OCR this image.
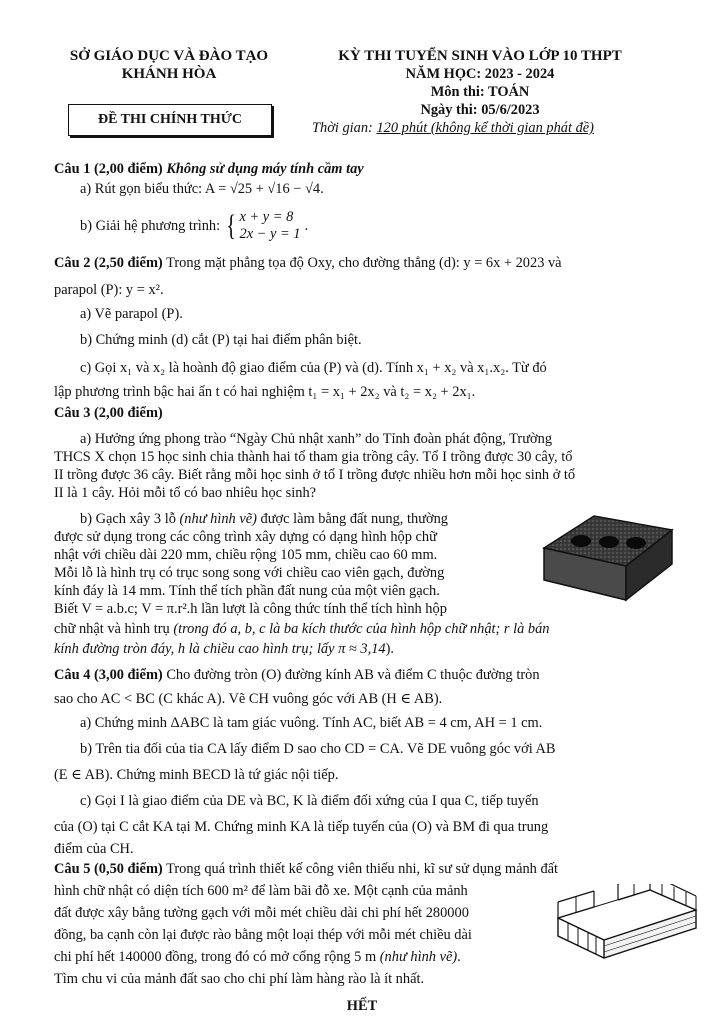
SỞ GIÁO DỤC VÀ ĐÀO TẠO
KHÁNH HÒA
ĐỀ THI CHÍNH THỨC
KỲ THI TUYỂN SINH VÀO LỚP 10 THPT
NĂM HỌC: 2023 - 2024
Môn thi: TOÁN
Ngày thi: 05/6/2023
Thời gian: 120 phút (không kể thời gian phát đề)
Câu 1 (2,00 điểm) Không sử dụng máy tính cầm tay
a) Rút gọn biểu thức: A = √25 + √16 − √4.
b) Giải hệ phương trình: { x + y = 8
2x − y = 1 .
Câu 2 (2,50 điểm) Trong mặt phẳng tọa độ Oxy, cho đường thẳng (d): y = 6x + 2023 và
parapol (P): y = x².
a) Vẽ parapol (P).
b) Chứng minh (d) cắt (P) tại hai điểm phân biệt.
c) Gọi x₁ và x₂ là hoành độ giao điểm của (P) và (d). Tính x₁ + x₂ và x₁.x₂. Từ đó
lập phương trình bậc hai ẩn t có hai nghiệm t₁ = x₁ + 2x₂ và t₂ = x₂ + 2x₁.
Câu 3 (2,00 điểm)
a) Hưởng ứng phong trào “Ngày Chủ nhật xanh” do Tỉnh đoàn phát động, Trường
THCS X chọn 15 học sinh chia thành hai tổ tham gia trồng cây. Tổ I trồng được 30 cây, tổ
II trồng được 36 cây. Biết rằng mỗi học sinh ở tổ I trồng được nhiều hơn mỗi học sinh ở tổ
II là 1 cây. Hỏi mỗi tổ có bao nhiêu học sinh?
b) Gạch xây 3 lỗ (như hình vẽ) được làm bằng đất nung, thường
được sử dụng trong các công trình xây dựng có dạng hình hộp chữ
nhật với chiều dài 220 mm, chiều rộng 105 mm, chiều cao 60 mm.
Mỗi lỗ là hình trụ có trục song song với chiều cao viên gạch, đường
kính đáy là 14 mm. Tính thể tích phần đất nung của một viên gạch.
Biết V = a.b.c; V = π.r².h lần lượt là công thức tính thể tích hình hộp
chữ nhật và hình trụ (trong đó a, b, c là ba kích thước của hình hộp chữ nhật; r là bán
kính đường tròn đáy, h là chiều cao hình trụ; lấy π ≈ 3,14).
Câu 4 (3,00 điểm) Cho đường tròn (O) đường kính AB và điểm C thuộc đường tròn
sao cho AC < BC (C khác A). Vẽ CH vuông góc với AB (H ∈ AB).
a) Chứng minh ΔABC là tam giác vuông. Tính AC, biết AB = 4 cm, AH = 1 cm.
b) Trên tia đối của tia CA lấy điểm D sao cho CD = CA. Vẽ DE vuông góc với AB
(E ∈ AB). Chứng minh BECD là tứ giác nội tiếp.
c) Gọi I là giao điểm của DE và BC, K là điểm đối xứng của I qua C, tiếp tuyến
của (O) tại C cắt KA tại M. Chứng minh KA là tiếp tuyến của (O) và BM đi qua trung
điểm của CH.
Câu 5 (0,50 điểm) Trong quá trình thiết kế công viên thiếu nhi, kĩ sư sử dụng mảnh đất
hình chữ nhật có diện tích 600 m² để làm bãi đỗ xe. Một cạnh của mảnh
đất được xây bằng tường gạch với mỗi mét chiều dài chi phí hết 280000
đồng, ba cạnh còn lại được rào bằng một loại thép với mỗi mét chiều dài
chi phí hết 140000 đồng, trong đó có mở cổng rộng 5 m (như hình vẽ).
Tìm chu vi của mảnh đất sao cho chi phí làm hàng rào là ít nhất.
HẾT
